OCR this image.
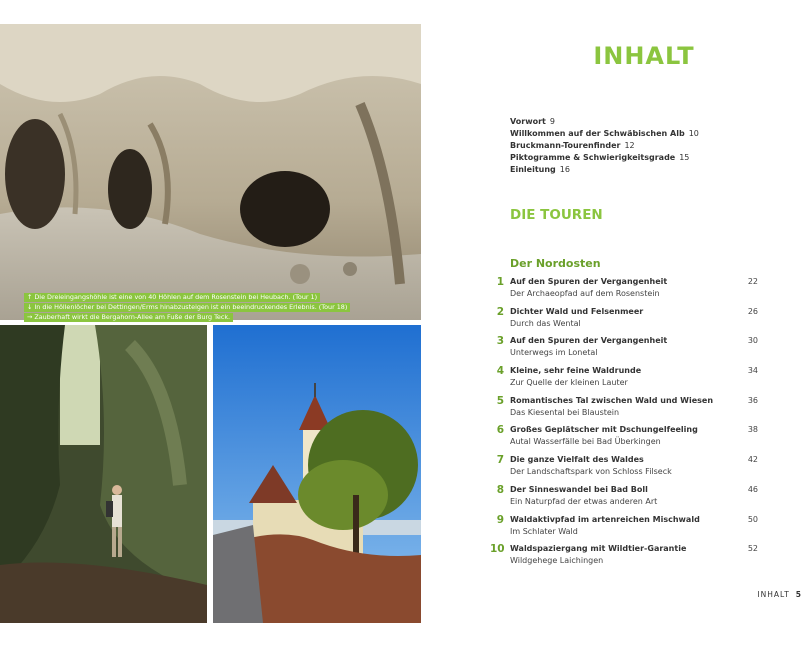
↑ Die Dreieingangshöhle ist eine von 40 Höhlen auf dem Rosenstein bei Heubach. (Tour 1)
↓ In die Höllenlöcher bei Dettingen/Erms hinabzusteigen ist ein beeindruckendes Erlebnis. (Tour 18)
→ Zauberhaft wirkt die Bergahorn-Allee am Fuße der Burg Teck.
INHALT
Vorwort 9
Willkommen auf der Schwäbischen Alb 10
Bruckmann-Tourenfinder 12
Piktogramme & Schwierigkeitsgrade 15
Einleitung 16
DIE TOUREN
Der Nordosten
1 Auf den Spuren der Vergangenheit
Der Archaeopfad auf dem Rosenstein
22
2 Dichter Wald und Felsenmeer
Durch das Wental
26
3 Auf den Spuren der Vergangenheit
Unterwegs im Lonetal
30
4 Kleine, sehr feine Waldrunde
Zur Quelle der kleinen Lauter
34
5 Romantisches Tal zwischen Wald und Wiesen
Das Kiesental bei Blaustein
36
6 Großes Geplätscher mit Dschungelfeeling
Autal Wasserfälle bei Bad Überkingen
38
7 Die ganze Vielfalt des Waldes
Der Landschaftspark von Schloss Filseck
42
8 Der Sinneswandel bei Bad Boll
Ein Naturpfad der etwas anderen Art
46
9 Waldaktivpfad im artenreichen Mischwald
Im Schlater Wald
50
10 Waldspaziergang mit Wildtier-Garantie
Wildgehege Laichingen
52
INHALT 5
